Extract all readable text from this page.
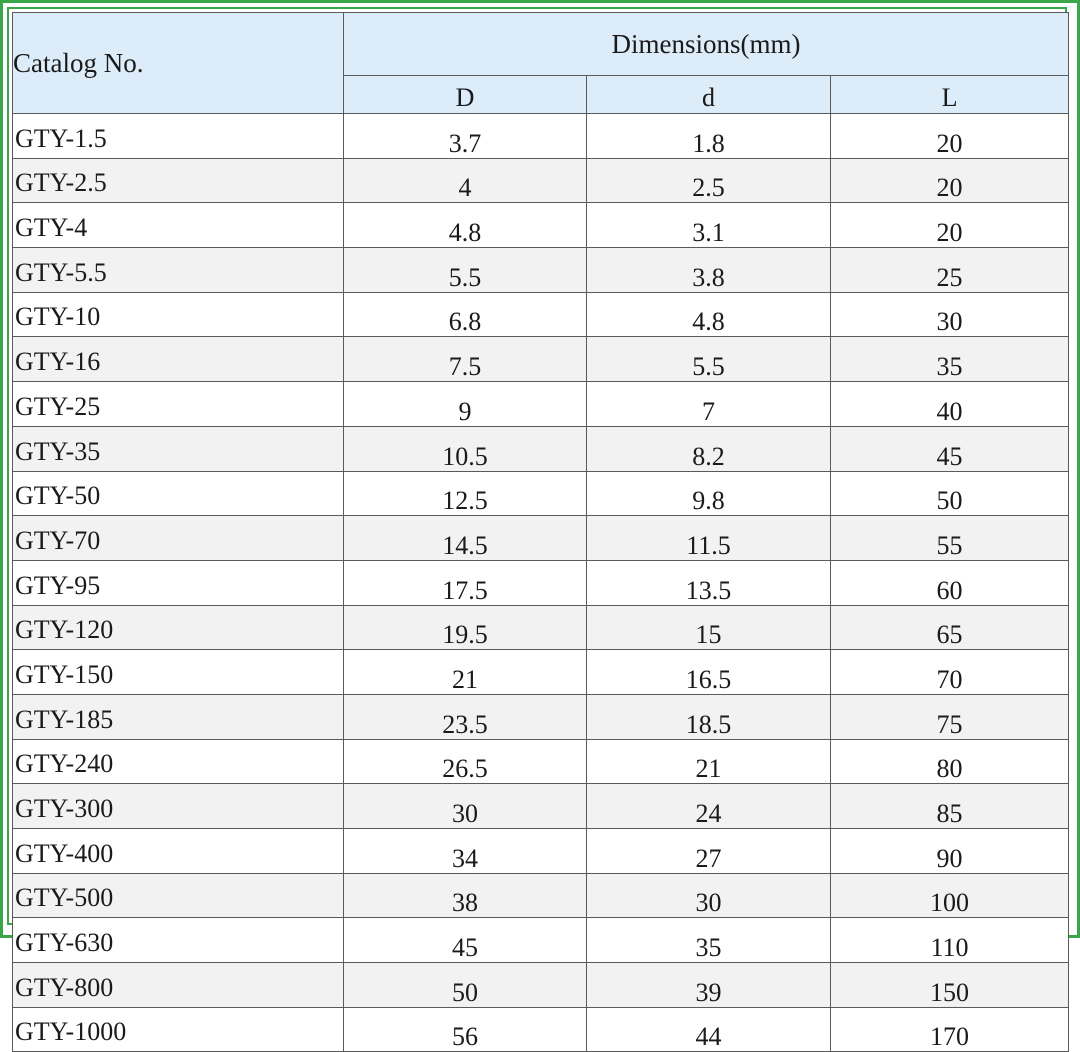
Catalog No.	Dimensions(mm)		
	D	d	L
GTY-1.5	3.7	1.8	20
GTY-2.5	4	2.5	20
GTY-4	4.8	3.1	20
GTY-5.5	5.5	3.8	25
GTY-10	6.8	4.8	30
GTY-16	7.5	5.5	35
GTY-25	9	7	40
GTY-35	10.5	8.2	45
GTY-50	12.5	9.8	50
GTY-70	14.5	11.5	55
GTY-95	17.5	13.5	60
GTY-120	19.5	15	65
GTY-150	21	16.5	70
GTY-185	23.5	18.5	75
GTY-240	26.5	21	80
GTY-300	30	24	85
GTY-400	34	27	90
GTY-500	38	30	100
GTY-630	45	35	110
GTY-800	50	39	150
GTY-1000	56	44	170
